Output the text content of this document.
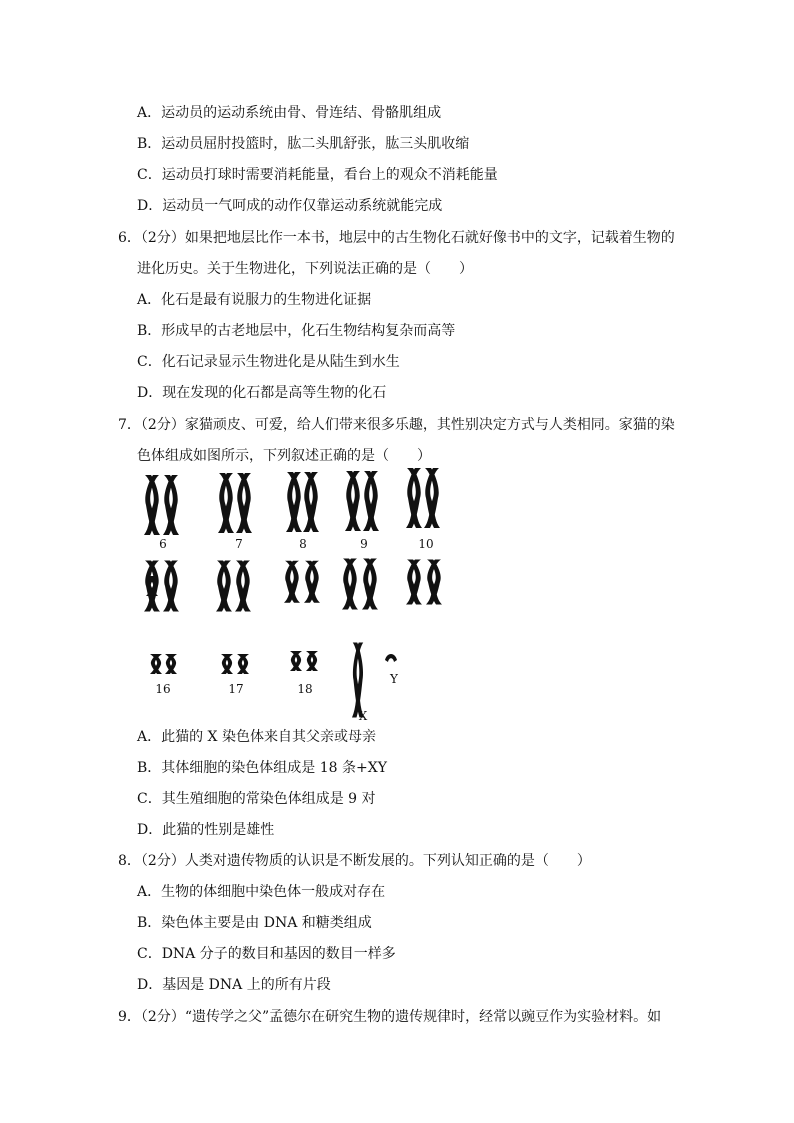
A．运动员的运动系统由骨、骨连结、骨骼肌组成
B．运动员屈肘投篮时，肱二头肌舒张，肱三头肌收缩
C．运动员打球时需要消耗能量，看台上的观众不消耗能量
D．运动员一气呵成的动作仅靠运动系统就能完成
6．（2分）如果把地层比作一本书，地层中的古生物化石就好像书中的文字，记载着生物的
进化历史。关于生物进化，下列说法正确的是（　　）
A．化石是最有说服力的生物进化证据
B．形成早的古老地层中，化石生物结构复杂而高等
C．化石记录显示生物进化是从陆生到水生
D．现在发现的化石都是高等生物的化石
7．（2分）家猫顽皮、可爱，给人们带来很多乐趣，其性别决定方式与人类相同。家猫的染
色体组成如图所示，下列叙述正确的是（　　）
6	7	8	9	10
16	17	18
X
Y
A．此猫的 X 染色体来自其父亲或母亲
B．其体细胞的染色体组成是 18 条+XY
C．其生殖细胞的常染色体组成是 9 对
D．此猫的性别是雄性
8．（2分）人类对遗传物质的认识是不断发展的。下列认知正确的是（　　）
A．生物的体细胞中染色体一般成对存在
B．染色体主要是由 DNA 和糖类组成
C．DNA 分子的数目和基因的数目一样多
D．基因是 DNA 上的所有片段
9．（2分）“遗传学之父”孟德尔在研究生物的遗传规律时，经常以豌豆作为实验材料。如
